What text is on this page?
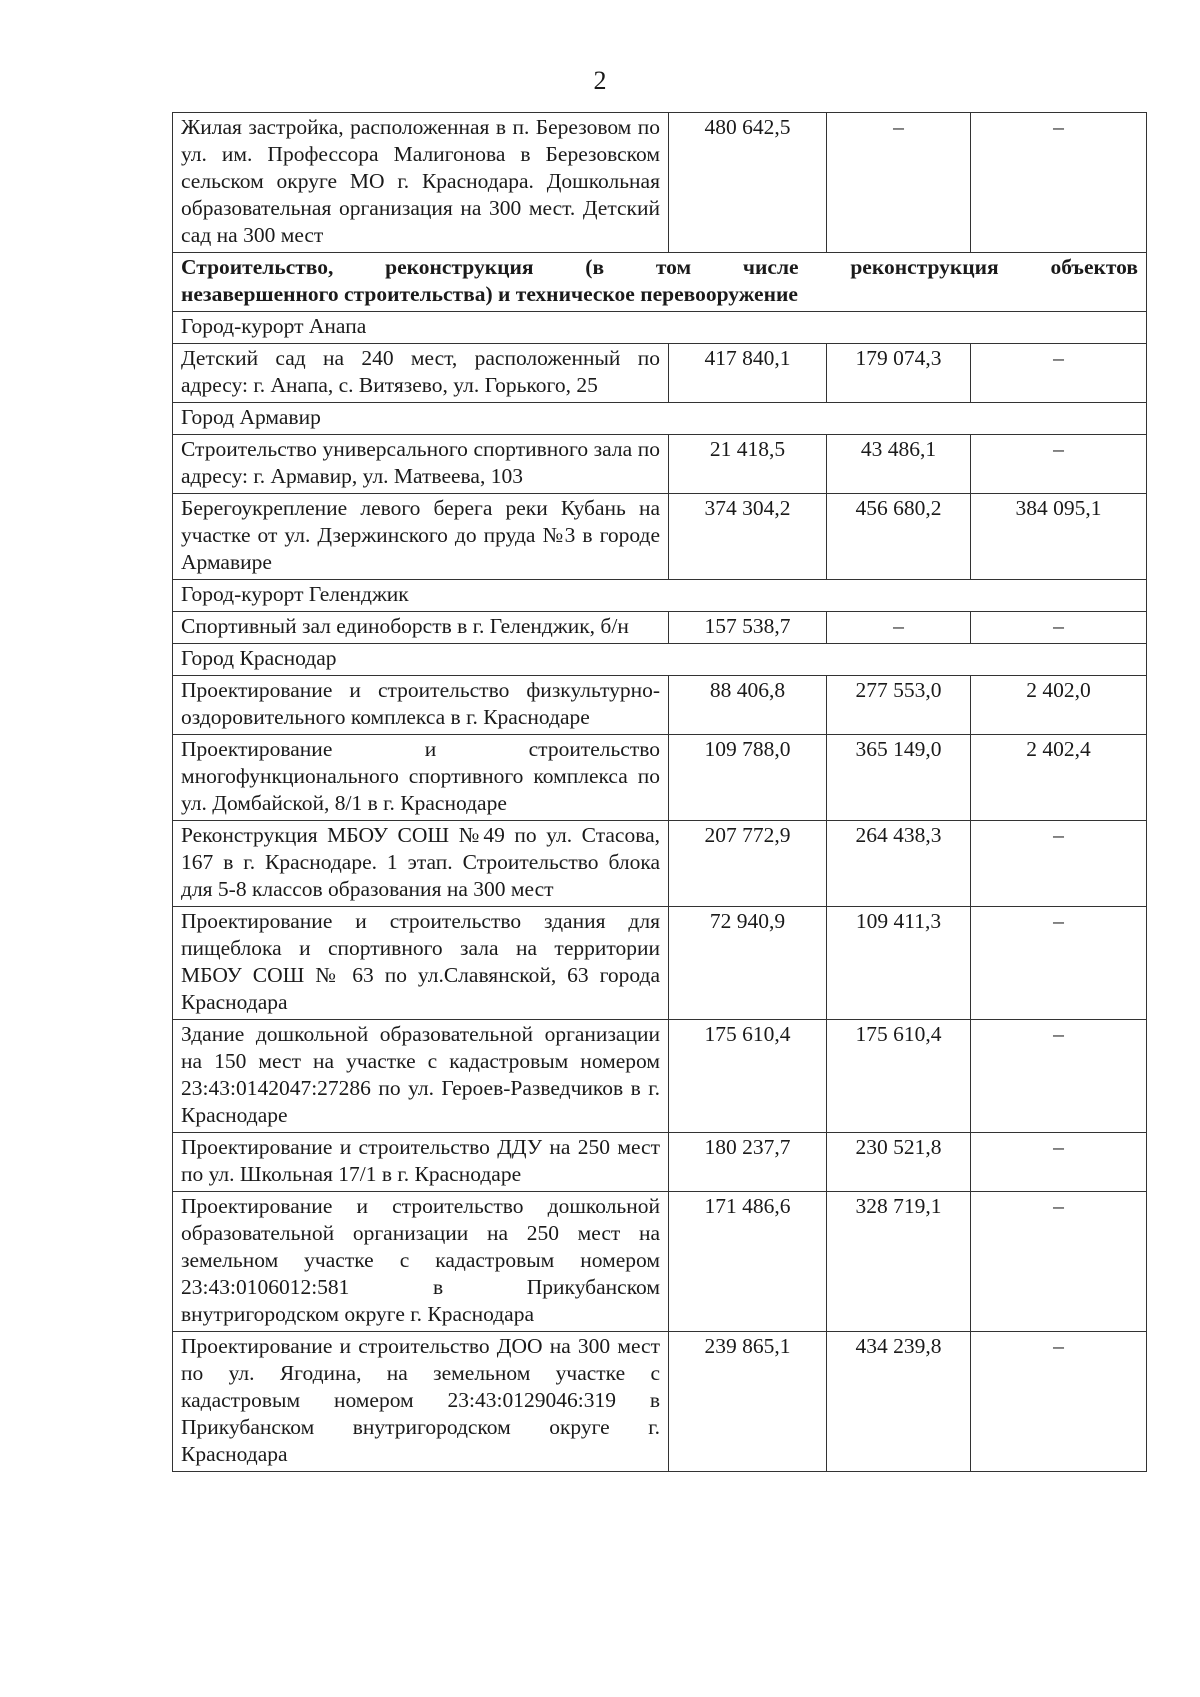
2
Жилая застройка, расположенная в п. Березовом по ул. им. Профессора Малигонова в Березовском сельском округе МО г. Краснодара. Дошкольная образовательная организация на 300 мест. Детский сад на 300 мест	480 642,5	–	–

Строительство, реконструкция (в том числе реконструкция объектов
незавершенного строительства) и техническое перевооружение			

Город-курорт Анапа			
Детский сад на 240 мест, расположенный по адресу: г. Анапа, с. Витязево, ул. Горького, 25	417 840,1	179 074,3	–
Город Армавир			
Строительство универсального спортивного зала по адресу: г. Армавир, ул. Матвеева, 103	21 418,5	43 486,1	–
Берегоукрепление левого берега реки Кубань на участке от ул. Дзержинского до пруда №3 в городе Армавире	374 304,2	456 680,2	384 095,1
Город-курорт Геленджик			
Спортивный зал единоборств в г. Геленджик, б/н	157 538,7	–	–
Город Краснодар			
Проектирование и строительство физкультурно-оздоровительного комплекса в г. Краснодаре	88 406,8	277 553,0	2 402,0
Проектирование и строительство многофункционального спортивного комплекса по ул. Домбайской, 8/1 в г. Краснодаре	109 788,0	365 149,0	2 402,4
Реконструкция МБОУ СОШ №49 по ул. Стасова, 167 в г. Краснодаре. 1 этап. Строительство блока для 5-8 классов образования на 300 мест	207 772,9	264 438,3	–
Проектирование и строительство здания для пищеблока и спортивного зала на территории МБОУ СОШ № 63 по ул.Славянской, 63 города Краснодара	72 940,9	109 411,3	–
Здание дошкольной образовательной организации на 150 мест на участке с кадастровым номером 23:43:0142047:27286 по ул. Героев-Разведчиков в г. Краснодаре	175 610,4	175 610,4	–
Проектирование и строительство ДДУ на 250 мест по ул. Школьная 17/1 в г. Краснодаре	180 237,7	230 521,8	–
Проектирование и строительство дошкольной образовательной организации на 250 мест на земельном участке с кадастровым номером 23:43:0106012:581 в Прикубанском внутригородском округе г. Краснодара	171 486,6	328 719,1	–
Проектирование и строительство ДОО на 300 мест по ул. Ягодина, на земельном участке с кадастровым номером 23:43:0129046:319 в Прикубанском внутригородском округе г. Краснодара	239 865,1	434 239,8	–
